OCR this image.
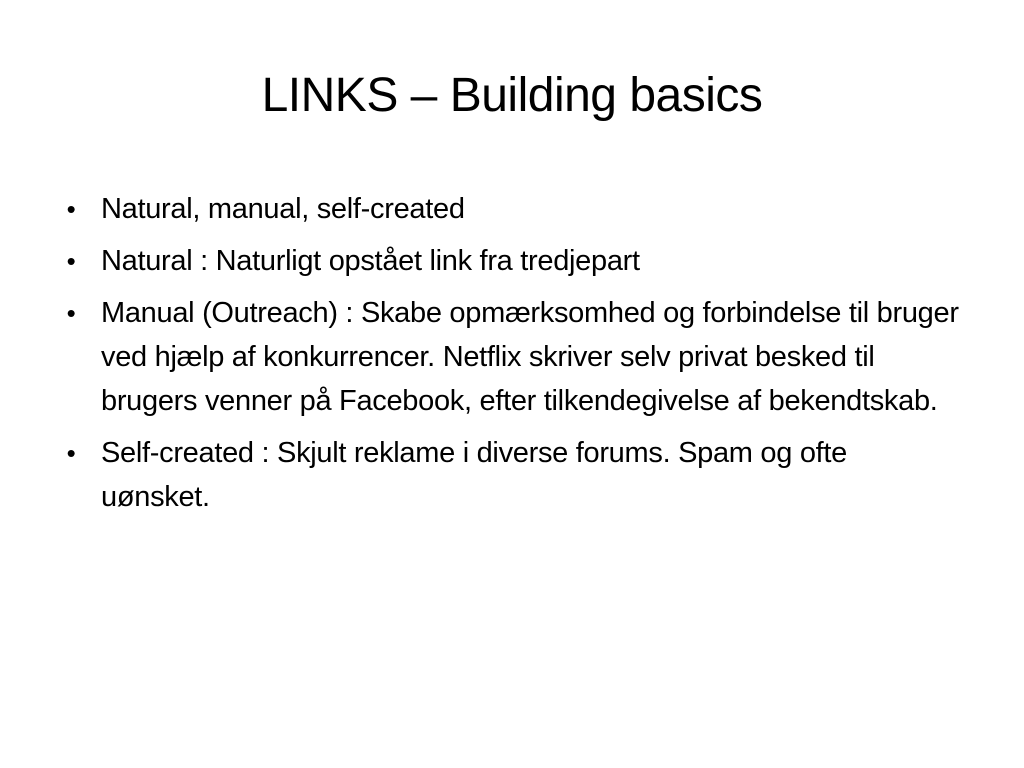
LINKS – Building basics
• Natural, manual, self-created
• Natural : Naturligt opstået link fra tredjepart
• Manual (Outreach) : Skabe opmærksomhed og forbindelse til bruger ved hjælp af konkurrencer. Netflix skriver selv privat besked til brugers venner på Facebook, efter tilkendegivelse af bekendtskab.
• Self-created : Skjult reklame i diverse forums. Spam og ofte uønsket.
